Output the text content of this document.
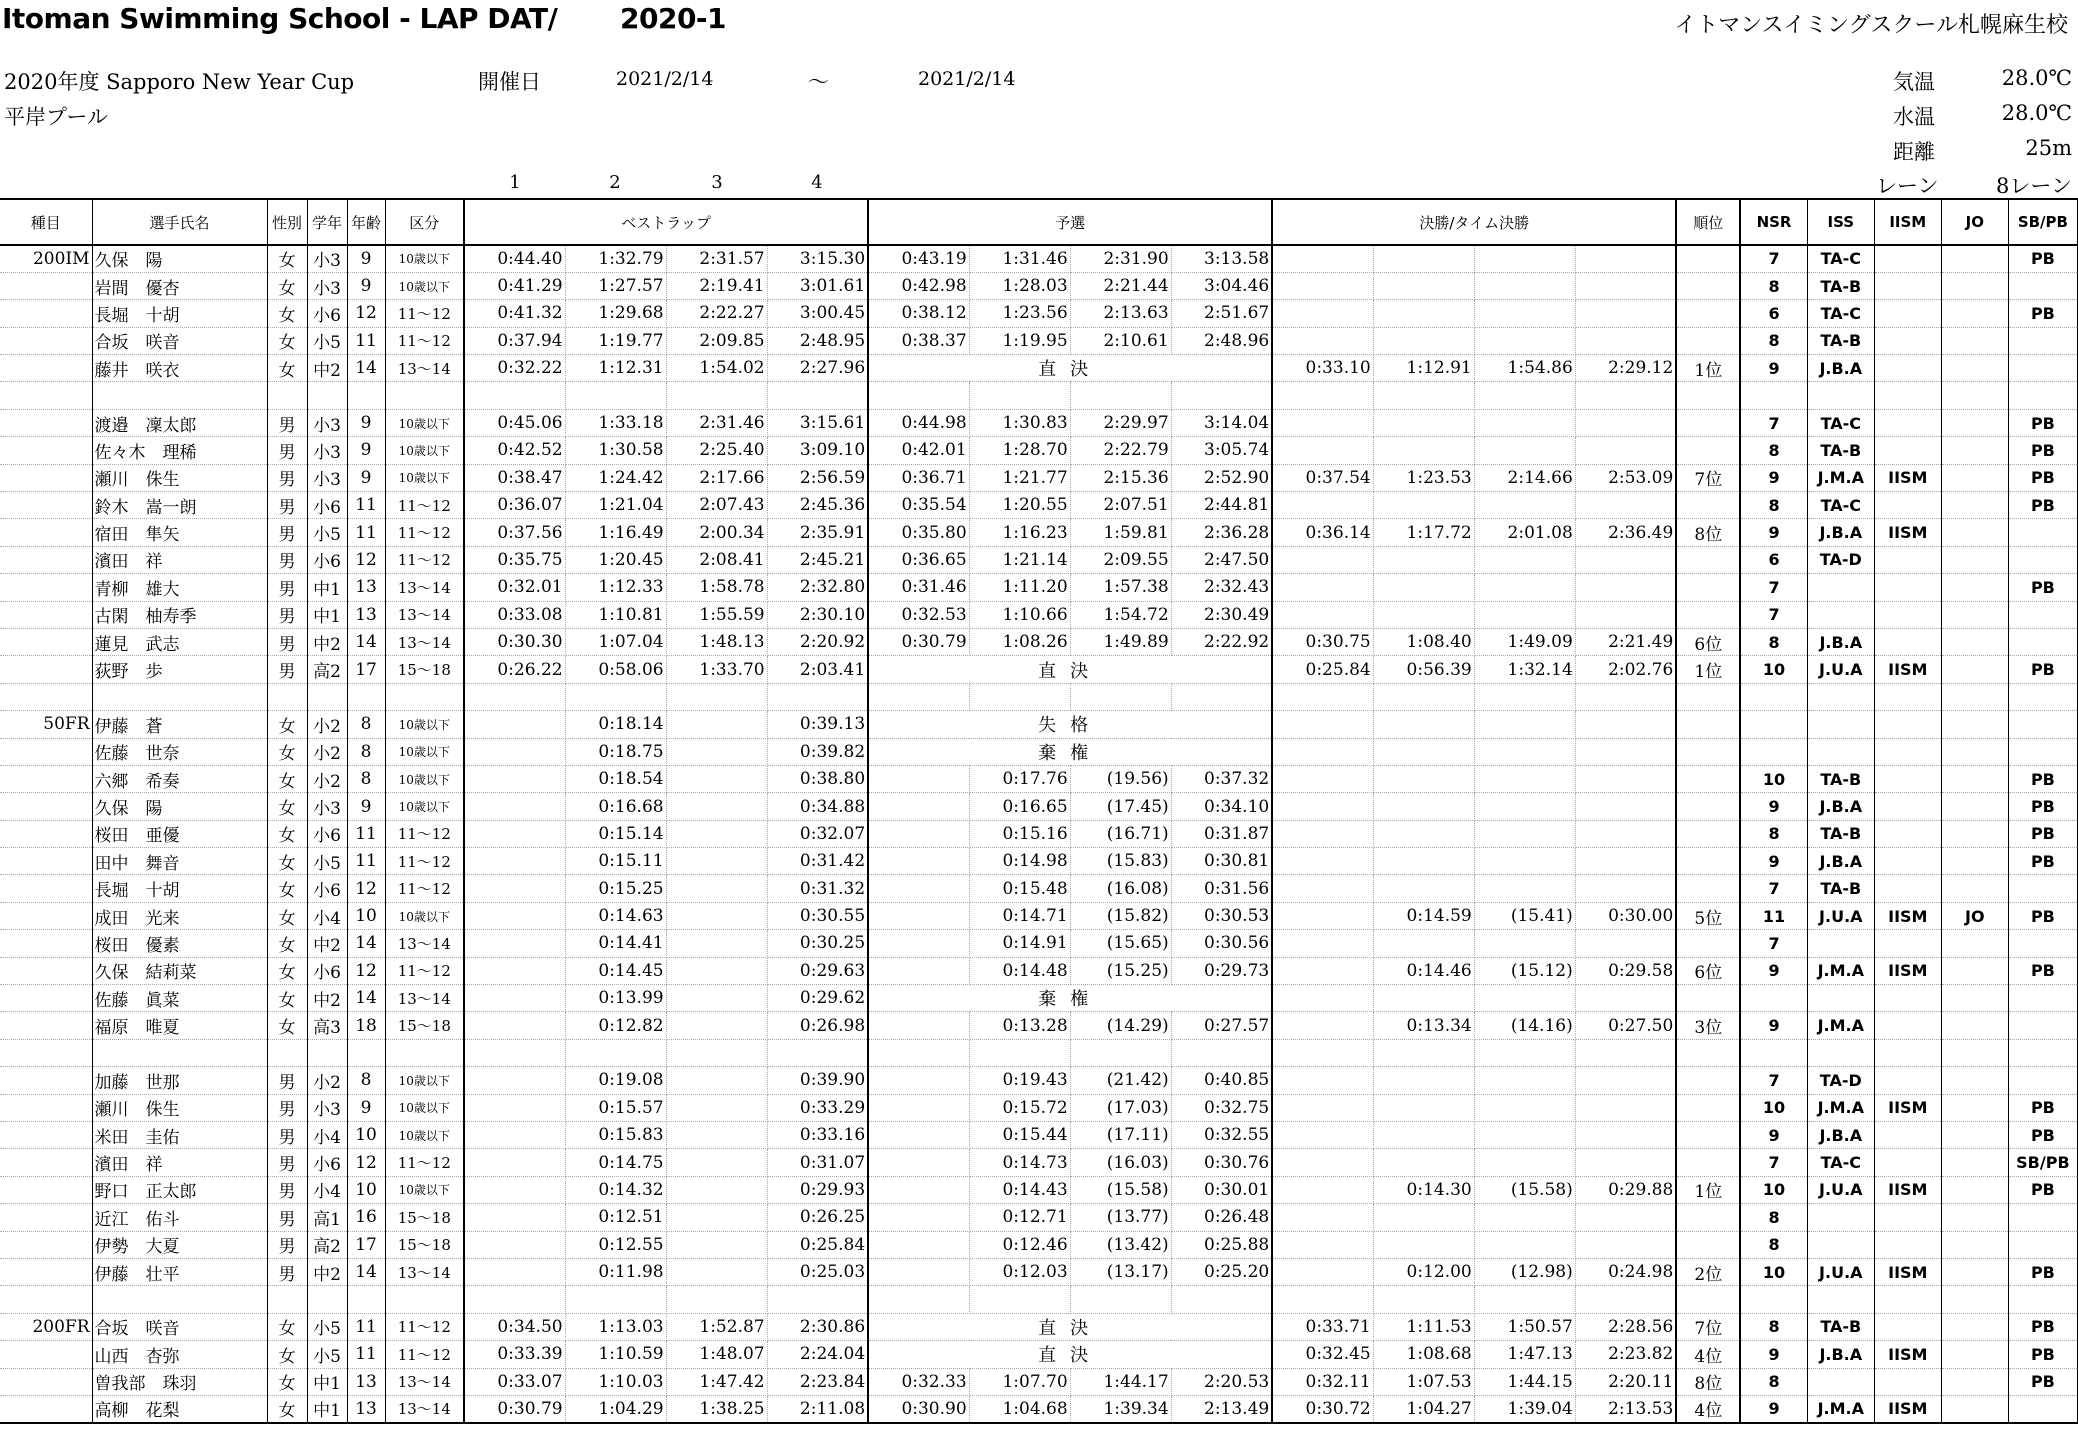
Itoman Swimming School - LAP DAT/ 2020-1	イトマンスイミングスクール札幌麻生校
2020年度 Sapporo New Year Cup
平岸プール
開催日	2021/2/14	～	2021/2/14	気温	28.0℃
水温	28.0℃
距離	25m
レーン	8レーン
1	2	3	4
種目	選手氏名	性別	学年	年齢	区分	ベストラップ				予選				決勝/タイム決勝				順位	NSR	ISS	IISM	JO	SB/PB
200IM	久保　陽	女	小3	9	10歳以下	0:44.40	1:32.79	2:31.57	3:15.30	0:43.19	1:31.46	2:31.90	3:13.58						7	TA-C			PB
	岩間　優杏	女	小3	9	10歳以下	0:41.29	1:27.57	2:19.41	3:01.61	0:42.98	1:28.03	2:21.44	3:04.46						8	TA-B			
	長堀　十胡	女	小6	12	11～12	0:41.32	1:29.68	2:22.27	3:00.45	0:38.12	1:23.56	2:13.63	2:51.67						6	TA-C			PB
	合坂　咲音	女	小5	11	11～12	0:37.94	1:19.77	2:09.85	2:48.95	0:38.37	1:19.95	2:10.61	2:48.96						8	TA-B			
	藤井　咲衣	女	中2	14	13～14	0:32.22	1:12.31	1:54.02	2:27.96	直決				0:33.10	1:12.91	1:54.86	2:29.12	1位	9	J.B.A			

	渡邉　凜太郎	男	小3	9	10歳以下	0:45.06	1:33.18	2:31.46	3:15.61	0:44.98	1:30.83	2:29.97	3:14.04						7	TA-C			PB
	佐々木　理稀	男	小3	9	10歳以下	0:42.52	1:30.58	2:25.40	3:09.10	0:42.01	1:28.70	2:22.79	3:05.74						8	TA-B			PB
	瀬川　侏生	男	小3	9	10歳以下	0:38.47	1:24.42	2:17.66	2:56.59	0:36.71	1:21.77	2:15.36	2:52.90	0:37.54	1:23.53	2:14.66	2:53.09	7位	9	J.M.A	IISM		PB
	鈴木　嵩一朗	男	小6	11	11～12	0:36.07	1:21.04	2:07.43	2:45.36	0:35.54	1:20.55	2:07.51	2:44.81						8	TA-C			PB
	宿田　隼矢	男	小5	11	11～12	0:37.56	1:16.49	2:00.34	2:35.91	0:35.80	1:16.23	1:59.81	2:36.28	0:36.14	1:17.72	2:01.08	2:36.49	8位	9	J.B.A	IISM		
	濱田　祥	男	小6	12	11～12	0:35.75	1:20.45	2:08.41	2:45.21	0:36.65	1:21.14	2:09.55	2:47.50						6	TA-D			
	青柳　雄大	男	中1	13	13～14	0:32.01	1:12.33	1:58.78	2:32.80	0:31.46	1:11.20	1:57.38	2:32.43						7				PB
	古閑　柚寿季	男	中1	13	13～14	0:33.08	1:10.81	1:55.59	2:30.10	0:32.53	1:10.66	1:54.72	2:30.49						7				
	蓮見　武志	男	中2	14	13～14	0:30.30	1:07.04	1:48.13	2:20.92	0:30.79	1:08.26	1:49.89	2:22.92	0:30.75	1:08.40	1:49.09	2:21.49	6位	8	J.B.A			
	荻野　歩	男	高2	17	15～18	0:26.22	0:58.06	1:33.70	2:03.41	直決				0:25.84	0:56.39	1:32.14	2:02.76	1位	10	J.U.A	IISM		PB

50FR	伊藤　蒼	女	小2	8	10歳以下		0:18.14		0:39.13	失格													
	佐藤　世奈	女	小2	8	10歳以下		0:18.75		0:39.82	棄権													
	六郷　希奏	女	小2	8	10歳以下		0:18.54		0:38.80		0:17.76	(19.56)	0:37.32						10	TA-B			PB
	久保　陽	女	小3	9	10歳以下		0:16.68		0:34.88		0:16.65	(17.45)	0:34.10						9	J.B.A			PB
	桜田　亜優	女	小6	11	11～12		0:15.14		0:32.07		0:15.16	(16.71)	0:31.87						8	TA-B			PB
	田中　舞音	女	小5	11	11～12		0:15.11		0:31.42		0:14.98	(15.83)	0:30.81						9	J.B.A			PB
	長堀　十胡	女	小6	12	11～12		0:15.25		0:31.32		0:15.48	(16.08)	0:31.56						7	TA-B			
	成田　光来	女	小4	10	10歳以下		0:14.63		0:30.55		0:14.71	(15.82)	0:30.53		0:14.59	(15.41)	0:30.00	5位	11	J.U.A	IISM	JO	PB
	桜田　優素	女	中2	14	13～14		0:14.41		0:30.25		0:14.91	(15.65)	0:30.56						7				
	久保　結莉菜	女	小6	12	11～12		0:14.45		0:29.63		0:14.48	(15.25)	0:29.73		0:14.46	(15.12)	0:29.58	6位	9	J.M.A	IISM		PB
	佐藤　眞菜	女	中2	14	13～14		0:13.99		0:29.62	棄権													
	福原　唯夏	女	高3	18	15～18		0:12.82		0:26.98		0:13.28	(14.29)	0:27.57		0:13.34	(14.16)	0:27.50	3位	9	J.M.A			

	加藤　世那	男	小2	8	10歳以下		0:19.08		0:39.90		0:19.43	(21.42)	0:40.85						7	TA-D			
	瀬川　侏生	男	小3	9	10歳以下		0:15.57		0:33.29		0:15.72	(17.03)	0:32.75						10	J.M.A	IISM		PB
	米田　圭佑	男	小4	10	10歳以下		0:15.83		0:33.16		0:15.44	(17.11)	0:32.55						9	J.B.A			PB
	濱田　祥	男	小6	12	11～12		0:14.75		0:31.07		0:14.73	(16.03)	0:30.76						7	TA-C			SB/PB
	野口　正太郎	男	小4	10	10歳以下		0:14.32		0:29.93		0:14.43	(15.58)	0:30.01		0:14.30	(15.58)	0:29.88	1位	10	J.U.A	IISM		PB
	近江　佑斗	男	高1	16	15～18		0:12.51		0:26.25		0:12.71	(13.77)	0:26.48						8				
	伊勢　大夏	男	高2	17	15～18		0:12.55		0:25.84		0:12.46	(13.42)	0:25.88						8				
	伊藤　壮平	男	中2	14	13～14		0:11.98		0:25.03		0:12.03	(13.17)	0:25.20		0:12.00	(12.98)	0:24.98	2位	10	J.U.A	IISM		PB

200FR	合坂　咲音	女	小5	11	11～12	0:34.50	1:13.03	1:52.87	2:30.86	直決				0:33.71	1:11.53	1:50.57	2:28.56	7位	8	TA-B			PB
	山西　杏弥	女	小5	11	11～12	0:33.39	1:10.59	1:48.07	2:24.04	直決				0:32.45	1:08.68	1:47.13	2:23.82	4位	9	J.B.A	IISM		PB
	曽我部　珠羽	女	中1	13	13～14	0:33.07	1:10.03	1:47.42	2:23.84	0:32.33	1:07.70	1:44.17	2:20.53	0:32.11	1:07.53	1:44.15	2:20.11	8位	8				PB
	高柳　花梨	女	中1	13	13～14	0:30.79	1:04.29	1:38.25	2:11.08	0:30.90	1:04.68	1:39.34	2:13.49	0:30.72	1:04.27	1:39.04	2:13.53	4位	9	J.M.A	IISM		
